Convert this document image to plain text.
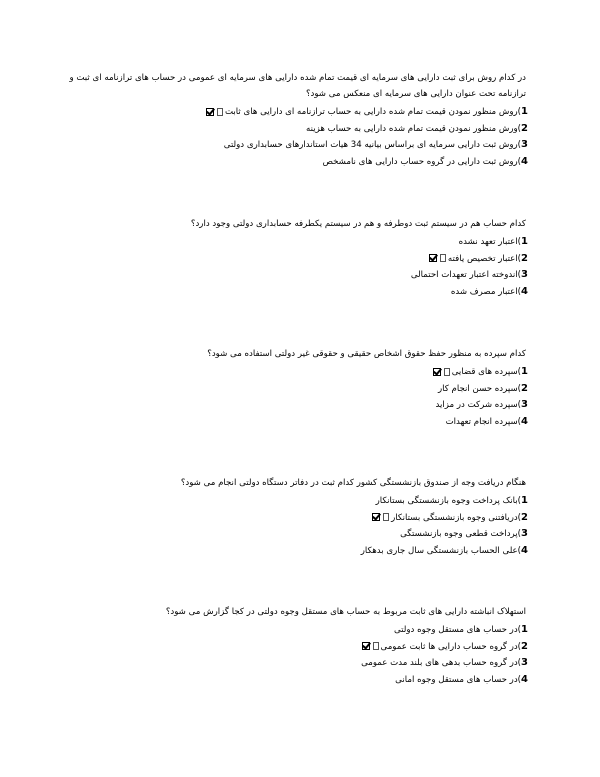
در کدام روش برای ثبت دارایی های سرمایه ای قیمت تمام شده دارایی های سرمایه ای عمومی در حساب های ترازنامه ای ثبت و ترازنامه تحت عنوان دارایی های سرمایه ای منعکس می شود؟

1)روش منظور نمودن قیمت تمام شده دارایی به حساب ترازنامه ای دارایی های ثابت
2)ورش منظور نمودن قیمت تمام شده دارایی به حساب هزینه
3)روش ثبت دارایی سرمایه ای براساس بیانیه 34 هیات استاندارهای حسابداری دولتی
4)روش ثبت دارایی در گروه حساب دارایی های نامشخص

کدام حساب هم در سیستم ثبت دوطرفه و هم در سیستم یکطرفه حسابداری دولتی وجود دارد؟

1)اعتبار تعهد نشده
2)اعتبار تخصیص یافته
3)اندوخته اعتبار تعهدات احتمالی
4)اعتبار مصرف شده

کدام سپرده به منظور حفظ حقوق اشخاص حقیقی و حقوقی غیر دولتی استفاده می شود؟

1)سپرده های قضایی
2)سپرده حسن انجام کار
3)سپرده شرکت در مزاید
4)سپرده انجام تعهدات

هنگام دریافت وجه از صندوق بازنشستگی کشور کدام ثبت در دفاتر دستگاه دولتی انجام می شود؟

1)بانک پرداخت وجوه بازنشستگی بستانکار
2)دریافتنی وجوه بازنشستگی بستانکار
3)پرداخت قطعی وجوه بازنشستگی
4)علی الحساب بازنشستگی سال جاری بدهکار

استهلاک انباشته دارایی های ثابت مربوط به حساب های مستقل وجوه دولتی در کجا گزارش می شود؟

1)در حساب های مستقل وجوه دولتی
2)در گروه حساب دارایی ها ثابت عمومی
3)در گروه حساب بدهی های بلند مدت عمومی
4)در حساب های مستقل وجوه امانی
